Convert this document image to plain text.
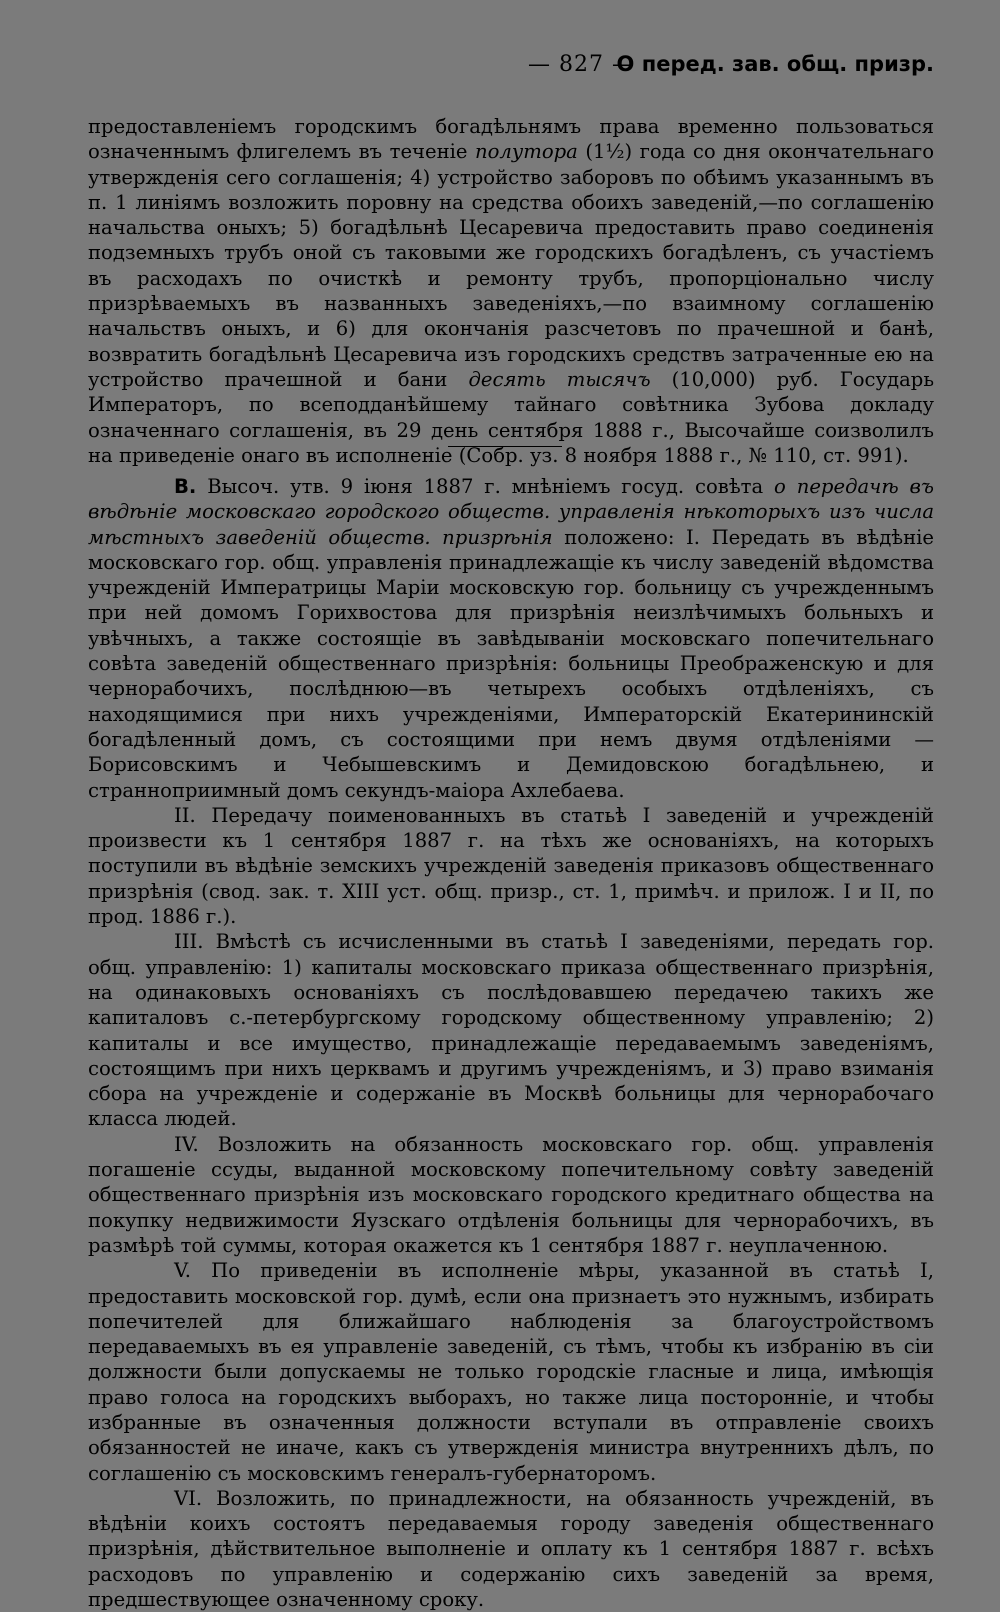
— 827 —
О перед. зав. общ. призр.

предоставленіемъ городскимъ богадѣльнямъ права временно пользоваться означеннымъ флигелемъ въ теченіе полутора (1½) года со дня окончательнаго утвержденія сего соглашенія; 4) устройство заборовъ по обѣимъ указаннымъ въ п. 1 линіямъ возложить поровну на средства обоихъ заведеній,—по соглашенію начальства оныхъ; 5) богадѣльнѣ Цесаревича предоставить право соединенія подземныхъ трубъ оной съ таковыми же городскихъ богадѣленъ, съ участіемъ въ расходахъ по очисткѣ и ремонту трубъ, пропорціонально числу призрѣваемыхъ въ названныхъ заведеніяхъ,—по взаимному соглашенію начальствъ оныхъ, и 6) для окончанія разсчетовъ по прачешной и банѣ, возвратить богадѣльнѣ Цесаревича изъ городскихъ средствъ затраченные ею на устройство прачешной и бани десять тысячъ (10,000) руб. Государь Императоръ, по всеподданѣйшему тайнаго совѣтника Зубова докладу означеннаго соглашенія, въ 29 день сентября 1888 г., Высочайше соизволилъ на приведеніе онаго въ исполненіе (Собр. уз. 8 ноября 1888 г., № 110, ст. 991).

В. Высоч. утв. 9 іюня 1887 г. мнѣніемъ госуд. совѣта о передачѣ въ вѣдѣніе московскаго городского обществ. управленія нѣкоторыхъ изъ числа мѣстныхъ заведеній обществ. призрѣнія положено: I. Передать въ вѣдѣніе московскаго гор. общ. управленія принадлежащіе къ числу заведеній вѣдомства учрежденій Императрицы Маріи московскую гор. больницу съ учрежденнымъ при ней домомъ Горихвостова для призрѣнія неизлѣчимыхъ больныхъ и увѣчныхъ, а также состоящіе въ завѣдываніи московскаго попечительнаго совѣта заведеній общественнаго призрѣнія: больницы Преображенскую и для чернорабочихъ, послѣднюю—въ четырехъ особыхъ отдѣленіяхъ, съ находящимися при нихъ учрежденіями, Императорскій Екатерининскій богадѣленный домъ, съ состоящими при немъ двумя отдѣленіями — Борисовскимъ и Чебышевскимъ и Демидовскою богадѣльнею, и странноприимный домъ секундъ-маіора Ахлебаева.

II. Передачу поименованныхъ въ статьѣ I заведеній и учрежденій произвести къ 1 сентября 1887 г. на тѣхъ же основаніяхъ, на которыхъ поступили въ вѣдѣніе земскихъ учрежденій заведенія приказовъ общественнаго призрѣнія (свод. зак. т. XIII уст. общ. призр., ст. 1, примѣч. и прилож. I и II, по прод. 1886 г.).

III. Вмѣстѣ съ исчисленными въ статьѣ I заведеніями, передать гор. общ. управленію: 1) капиталы московскаго приказа общественнаго призрѣнія, на одинаковыхъ основаніяхъ съ послѣдовавшею передачею такихъ же капиталовъ с.-петербургскому городскому общественному управленію; 2) капиталы и все имущество, принадлежащіе передаваемымъ заведеніямъ, состоящимъ при нихъ церквамъ и другимъ учрежденіямъ, и 3) право взиманія сбора на учрежденіе и содержаніе въ Москвѣ больницы для чернорабочаго класса людей.

IV. Возложить на обязанность московскаго гор. общ. управленія погашеніе ссуды, выданной московскому попечительному совѣту заведеній общественнаго призрѣнія изъ московскаго городского кредитнаго общества на покупку недвижимости Яузскаго отдѣленія больницы для чернорабочихъ, въ размѣрѣ той суммы, которая окажется къ 1 сентября 1887 г. неуплаченною.

V. По приведеніи въ исполненіе мѣры, указанной въ статьѣ I, предоставить московской гор. думѣ, если она признаетъ это нужнымъ, избирать попечителей для ближайшаго наблюденія за благоустройствомъ передаваемыхъ въ ея управленіе заведеній, съ тѣмъ, чтобы къ избранію въ сіи должности были допускаемы не только городскіе гласные и лица, имѣющія право голоса на городскихъ выборахъ, но также лица посторонніе, и чтобы избранные въ означенныя должности вступали въ отправленіе своихъ обязанностей не иначе, какъ съ утвержденія министра внутреннихъ дѣлъ, по соглашенію съ московскимъ генералъ-губернаторомъ.

VI. Возложить, по принадлежности, на обязанность учрежденій, въ вѣдѣніи коихъ состоятъ передаваемыя городу заведенія общественнаго призрѣнія, дѣйствительное выполненіе и оплату къ 1 сентября 1887 г. всѣхъ расходовъ по управленію и содержанію сихъ заведеній за время, предшествующее означенному сроку.
